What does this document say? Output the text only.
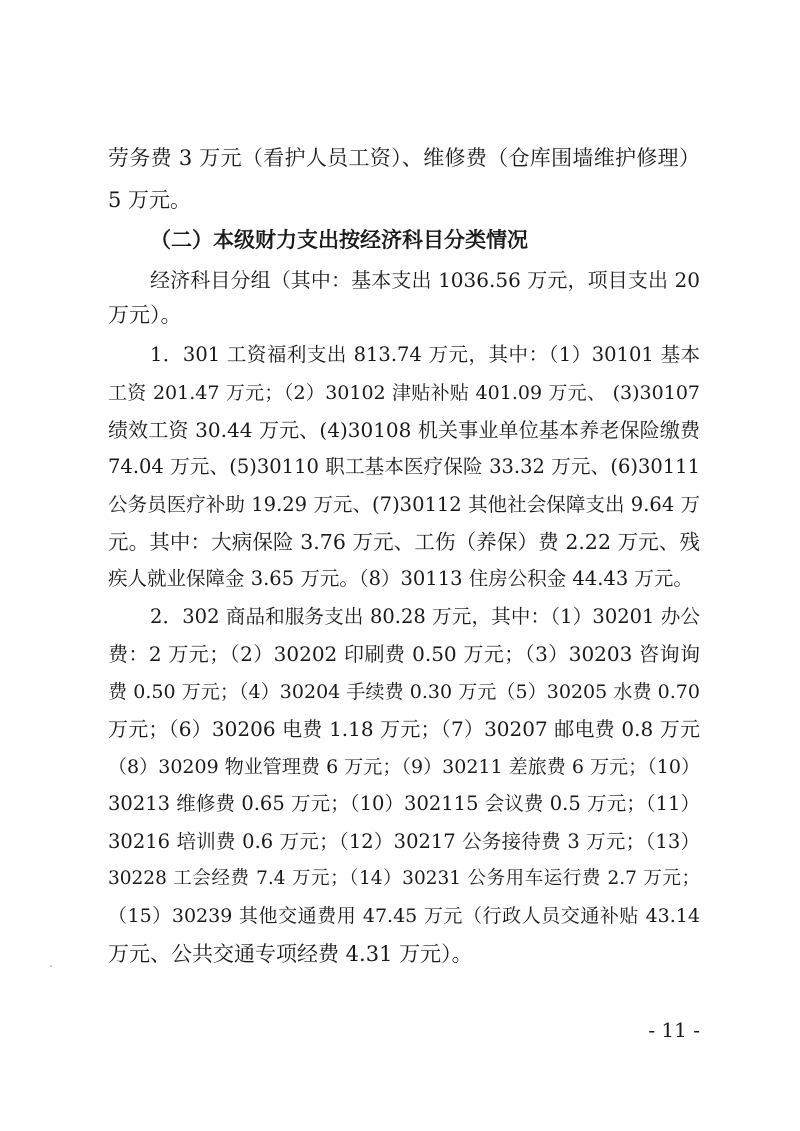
劳务费 3 万元（看护人员工资）、维修费（仓库围墙维护修理）
5 万元。
（二）本级财力支出按经济科目分类情况
经济科目分组（其中：基本支出 1036.56 万元，项目支出 20
万元）。
1．301 工资福利支出 813.74 万元，其中：（1）30101 基本
工资 201.47 万元；（2）30102 津贴补贴 401.09 万元、 (3)30107
绩效工资 30.44 万元、(4)30108 机关事业单位基本养老保险缴费
74.04 万元、(5)30110 职工基本医疗保险 33.32 万元、(6)30111
公务员医疗补助 19.29 万元、(7)30112 其他社会保障支出 9.64 万
元。其中：大病保险 3.76 万元、工伤（养保）费 2.22 万元、残
疾人就业保障金 3.65 万元。（8）30113 住房公积金 44.43 万元。
2．302 商品和服务支出 80.28 万元，其中：（1）30201 办公
费：2 万元；（2）30202 印刷费 0.50 万元；（3）30203 咨询询
费 0.50 万元；（4）30204 手续费 0.30 万元（5）30205 水费 0.70
万元；（6）30206 电费 1.18 万元；（7）30207 邮电费 0.8 万元
（8）30209 物业管理费 6 万元；（9）30211 差旅费 6 万元；（10）
30213 维修费 0.65 万元；（10）302115 会议费 0.5 万元；（11）
30216 培训费 0.6 万元；（12）30217 公务接待费 3 万元；（13）
30228 工会经费 7.4 万元；（14）30231 公务用车运行费 2.7 万元；
（15）30239 其他交通费用 47.45 万元（行政人员交通补贴 43.14
万元、公共交通专项经费 4.31 万元）。
- 11 -
